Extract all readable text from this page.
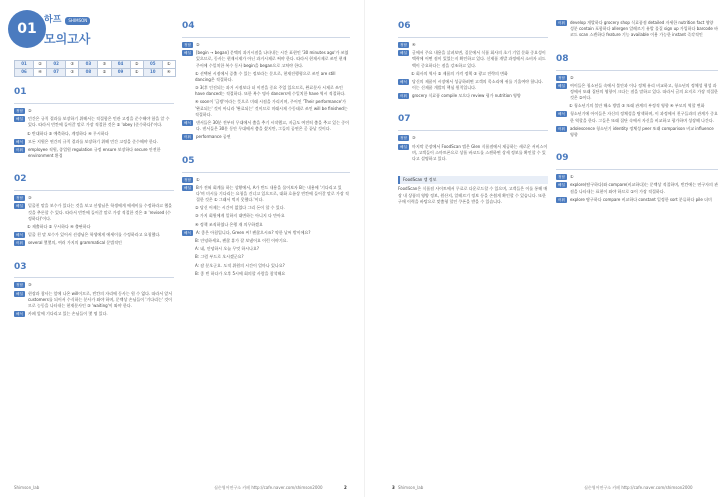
01
하프	SHIMSON
모의고사
01	②	02	③	03	③	04	②	05	①
06	④	07	③	08	②	09	①	10	④
01
정답	②
해설	민간은 규칙 결과를 보장하기 위해서는 적절함은 민관 고정을 준수해야 함을 알 수 있다. 따라서 빈칸에 들어갈 말로 가장 적절한 것은 ② 'obey (준수하다)'이다.
① 반대하다 ③ 예측하다, 계정하다 ④ 무시하다
해석	모든 지원은 연간의 규칙 결과를 보장하기 위해 민간 고정을 준수해야 한다.
어휘	employee 직원, 종업원 regulation 규정 ensure 보장하다 secure 안전한 environment 환경
02
정답	③
해설	밑줄친 말을 보수가 있다는 것을 보고 선생님은 학생에게 에세이를 수정하라고 했을 것을 추론할 수 있다. 따라서 빈칸에 들어갈 말로 가장 적절한 것은 ③ 'revised (수정하다)'이다.
① 제출하다 ② 무시하다 ④ 출판하다
해석	밑줄 친 말 보수가 있어서 선생님은 학생에게 에세이를 수정하라고 요청했다.
어휘	several 몇몇의, 여러 가지의 grammatical 문법적인
03
정답	③
해설	현장과 참사는 앞에 나온 will이므로, 빈칸의 자리에 동사는 원 수 없다. 따라서 앞서 customers를 되어서 수식하는 분사가 와야 하며, 문맥상 손님들이 '기다리는' 것이므로 능동을 나타내는 현재분사인 ③ 'waiting'이 와야 한다.
해석	카페 앞에 기다리고 있는 손님들이 몇 명 있다.
04
정답	②
해설	[begin → began] 문맥의 과거시점을 나타내는 시간 표현인 '30 minutes ago'가 쓰였 있으므로, 동사는 현재시제가 아닌 과거시제로 써야 한다. 따라서 현재시제로 쓰인 현재 주어에 수일치한 복수 동사 begin을 began으로 고쳐야 한다.
① 선택된 시점에서 증출 수 있는 정보라는 문으로, 현재진행형으로 쓰인 are still dancing은 적절하다.
③ 3(후 인진되는 과거 시점보다 더 이전을 중요 주었 있으므로, 완료분사 시제로 쓰인 have danced는 적절하다. 또한 복수 명사 dancers에 수일치한 have 역시 적절하다.
④ soon이 '금방'이라는 뜻으로 미래 시점을 가리키며, 주어인 'Their performance'가 '완료되는' 것이 아니라 '완료되는' 것이므로 미래시제 수동태로 쓰인 will be finished는 적절하다.
해석	댄서들은 30분 전부터 무대에서 춤을 추기 시작했고, 지금도 여전히 춤을 추고 있는 중이다. 댄서들은 30분 동안 무대에서 춤을 췄지만, 그들의 공연은 곧 끝날 것이다.
어휘	performance 공연
05
정답	①
해설	B가 전혀 회계를 하는 상황에서, A가 반드 내용을 물어보자 B는 내용에 '기다리고 있다'며 미시를 기다리는 요청을 건너고 있으므로, 대화 흐름상 빈칸에 들어갈 말로 가장 적절한 것은 ① 그래서 먹지 못했다.'이다.
② 당신 어제는 시간이 없었다 그리 돈이 할 수 있다.
③ 가지 회원에게 일하지 대변하는 아니지 다 만아요
④ 정책 조직하였나 은행 재 의무하겠요
해석	A: 좋은 아침입니다, Green 씨! 괜찮으시죠? 약한 날씨 밖이에요?
B: 안녕하세요, 괜찮 휴가 잘 보냈어요 이런 이야기요.
A: 네, 안녕하시 오늘 무엇 하시나요?
B: 그럼 부드로 오시겠군요?
A: 잠 분오군요. 도적 위원의 시간이 얼마나 있나요?
B: 좋 빈 하다가 오후 5시에 회의할 사람을 참석해요
06
정답	④
해설	글에서 주요 내용을 살펴보면, 질문에서 식품 회사의 초기 기업 문화 중요성이 맥락에 어떤 점이 있었는지 확인하고 있다. 신제품 개발 과정에서 소비자 피드백이 중요하다는 점을 강조하고 있다.
① 회사의 역사 ② 제품의 가격 정책 ③ 광고 전략의 변화
해석	당신의 제품이 시장에서 성공하려면 고객의 목소리에 귀를 기울여야 합니다. 이는 신제품 개발의 핵심 원칙입니다.
어휘	grocery 식료품 compile 모으다 review 평가 nutrition 영양
07
정답	③
해설	마지막 문장에서 FoodScan 앱은 Glen 식품점에서 제공하는 새로운 서비스이며, 고객들이 스마트폰으로 상품 바코드를 스캔하면 상세 정보를 확인할 수 있다고 설명하고 있다.
FoodScan 앱 정보
FoodScan은 식품점 사이트에서 무료로 다운로드할 수 있으며, 고객들은 이를 통해 매장 내 상품의 영양 정보, 원산지, 알레르기 정보 등을 손쉽게 확인할 수 있습니다. 또한 구매 이력을 바탕으로 맞춤형 할인 쿠폰을 받을 수 있습니다.
어휘	develop 개발하다 grocery shop 식료품점 detailed 자세한 nutrition fact 영양 성분 contain 포함하다 allergen 알레르기 유발 물질 sign up 가입하다 barcode 바코드 scan 스캔하다 feature 기능 available 이용 가능한 instant 즉각적인
08
정답	②
해설	여이들은 청소년들 속에서 불안과 이나 정체 유리 비교하고, 청소년의 정체성 형성 과정에서 또래 집단의 영향이 크다는 점을 말하고 있다. 따라서 글의 요지로 가장 적절한 것은 ②이다.
① 청소년기의 불안 해소 방법 ③ 또래 관계의 부정적 영향 ④ 부모의 역할 변화
해석	청소년기에 아이들은 자신의 정체성을 탐색하며, 이 과정에서 친구들과의 관계가 중요한 역할을 한다. 그들은 또래 집단 속에서 자신을 비교하고 평가하며 성장해 나간다.
어휘	adolescence 청소년기 identity 정체성 peer 또래 comparison 비교 influence 영향
09
정답	①
해설	explore(탐구하다)와 compare(비교하다)는 문맥상 적절하며, 빈칸에는 연구자의 관점을 나타내는 표현이 와야 하므로 ①이 가장 적절하다.
어휘	explore 탐구하다 compare 비교하다 constant 일정한 sort 분류하다 pile 더미
Shimson_lab	심슨영어연구소 카페 http://cafe.naver.com/shimson2000	2	3 Shimson_lab	심슨영어연구소 카페 http://cafe.naver.com/shimson2000
